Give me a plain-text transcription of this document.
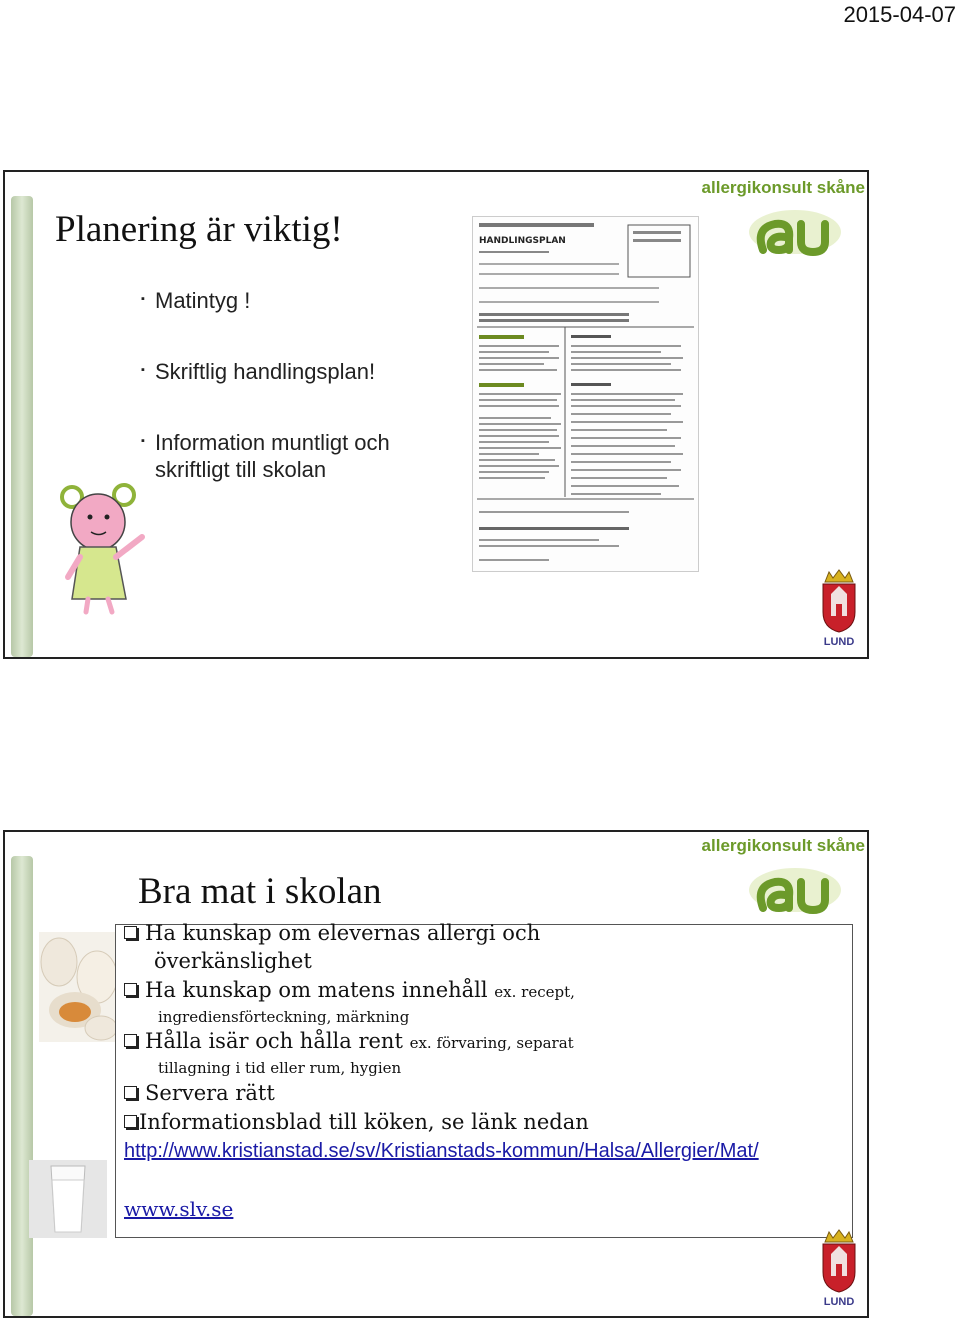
2015-04-07
Planering är viktig!
▪ Matintyg !
▪ Skriftlig handlingsplan!
▪ Information muntligt och skriftligt till skolan
HANDLINGSPLAN
allergikonsult skåne
LUND
Bra mat i skolan
allergikonsult skåne
Ha kunskap om elevernas allergi och
överkänslighet
Ha kunskap om matens innehåll ex. recept,
ingrediensförteckning, märkning
Hålla isär och hålla rent ex. förvaring, separat
tillagning i tid eller rum, hygien
Servera rätt
Informationsblad till köken, se länk nedan
http://www.kristianstad.se/sv/Kristianstads-kommun/Halsa/Allergier/Mat/
www.slv.se
LUND
